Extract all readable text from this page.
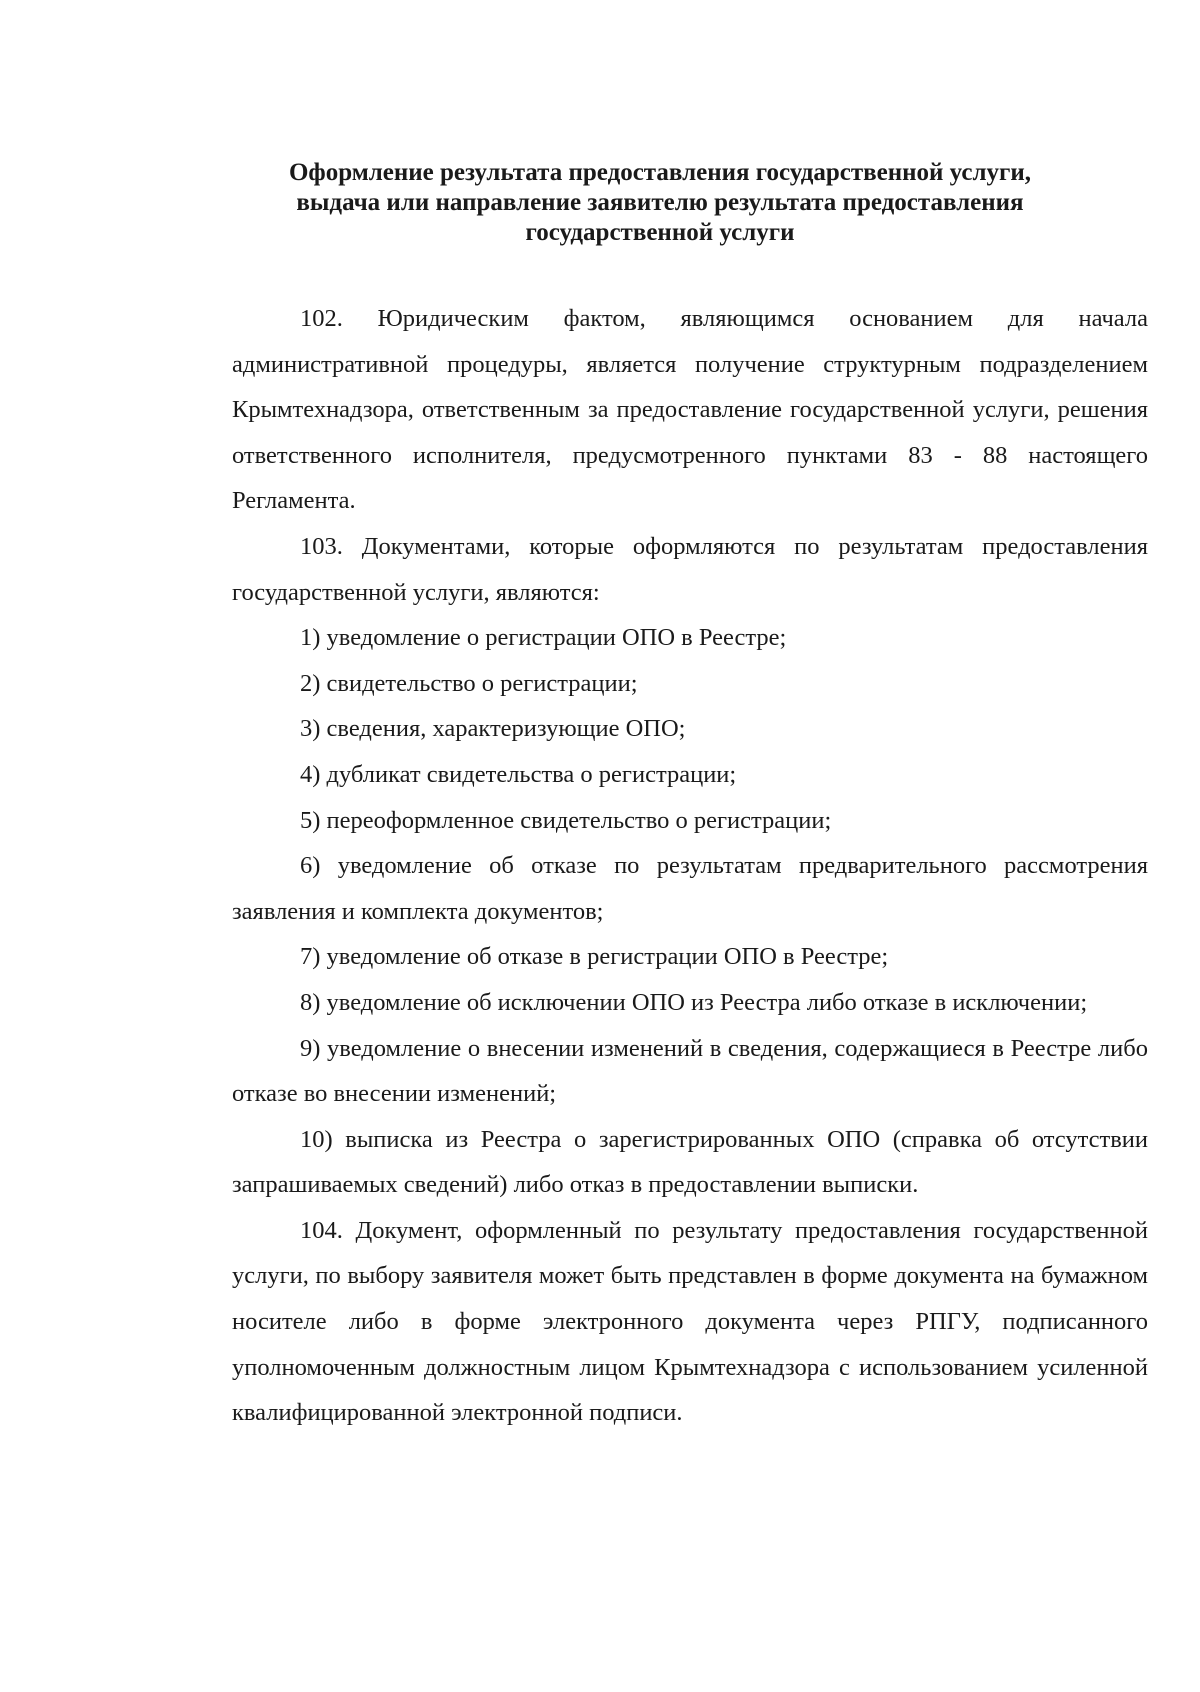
Оформление результата предоставления государственной услуги,
выдача или направление заявителю результата предоставления
государственной услуги

102. Юридическим фактом, являющимся основанием для начала административной процедуры, является получение структурным подразделением Крымтехнадзора, ответственным за предоставление государственной услуги, решения ответственного исполнителя, предусмотренного пунктами 83 - 88 настоящего Регламента.

103. Документами, которые оформляются по результатам предоставления государственной услуги, являются:

1) уведомление о регистрации ОПО в Реестре;

2) свидетельство о регистрации;

3) сведения, характеризующие ОПО;

4) дубликат свидетельства о регистрации;

5) переоформленное свидетельство о регистрации;

6) уведомление об отказе по результатам предварительного рассмотрения заявления и комплекта документов;

7) уведомление об отказе в регистрации ОПО в Реестре;

8) уведомление об исключении ОПО из Реестра либо отказе в исключении;

9) уведомление о внесении изменений в сведения, содержащиеся в Реестре либо отказе во внесении изменений;

10) выписка из Реестра о зарегистрированных ОПО (справка об отсутствии запрашиваемых сведений) либо отказ в предоставлении выписки.

104. Документ, оформленный по результату предоставления государственной услуги, по выбору заявителя может быть представлен в форме документа на бумажном носителе либо в форме электронного документа через РПГУ, подписанного уполномоченным должностным лицом Крымтехнадзора с использованием усиленной квалифицированной электронной подписи.
